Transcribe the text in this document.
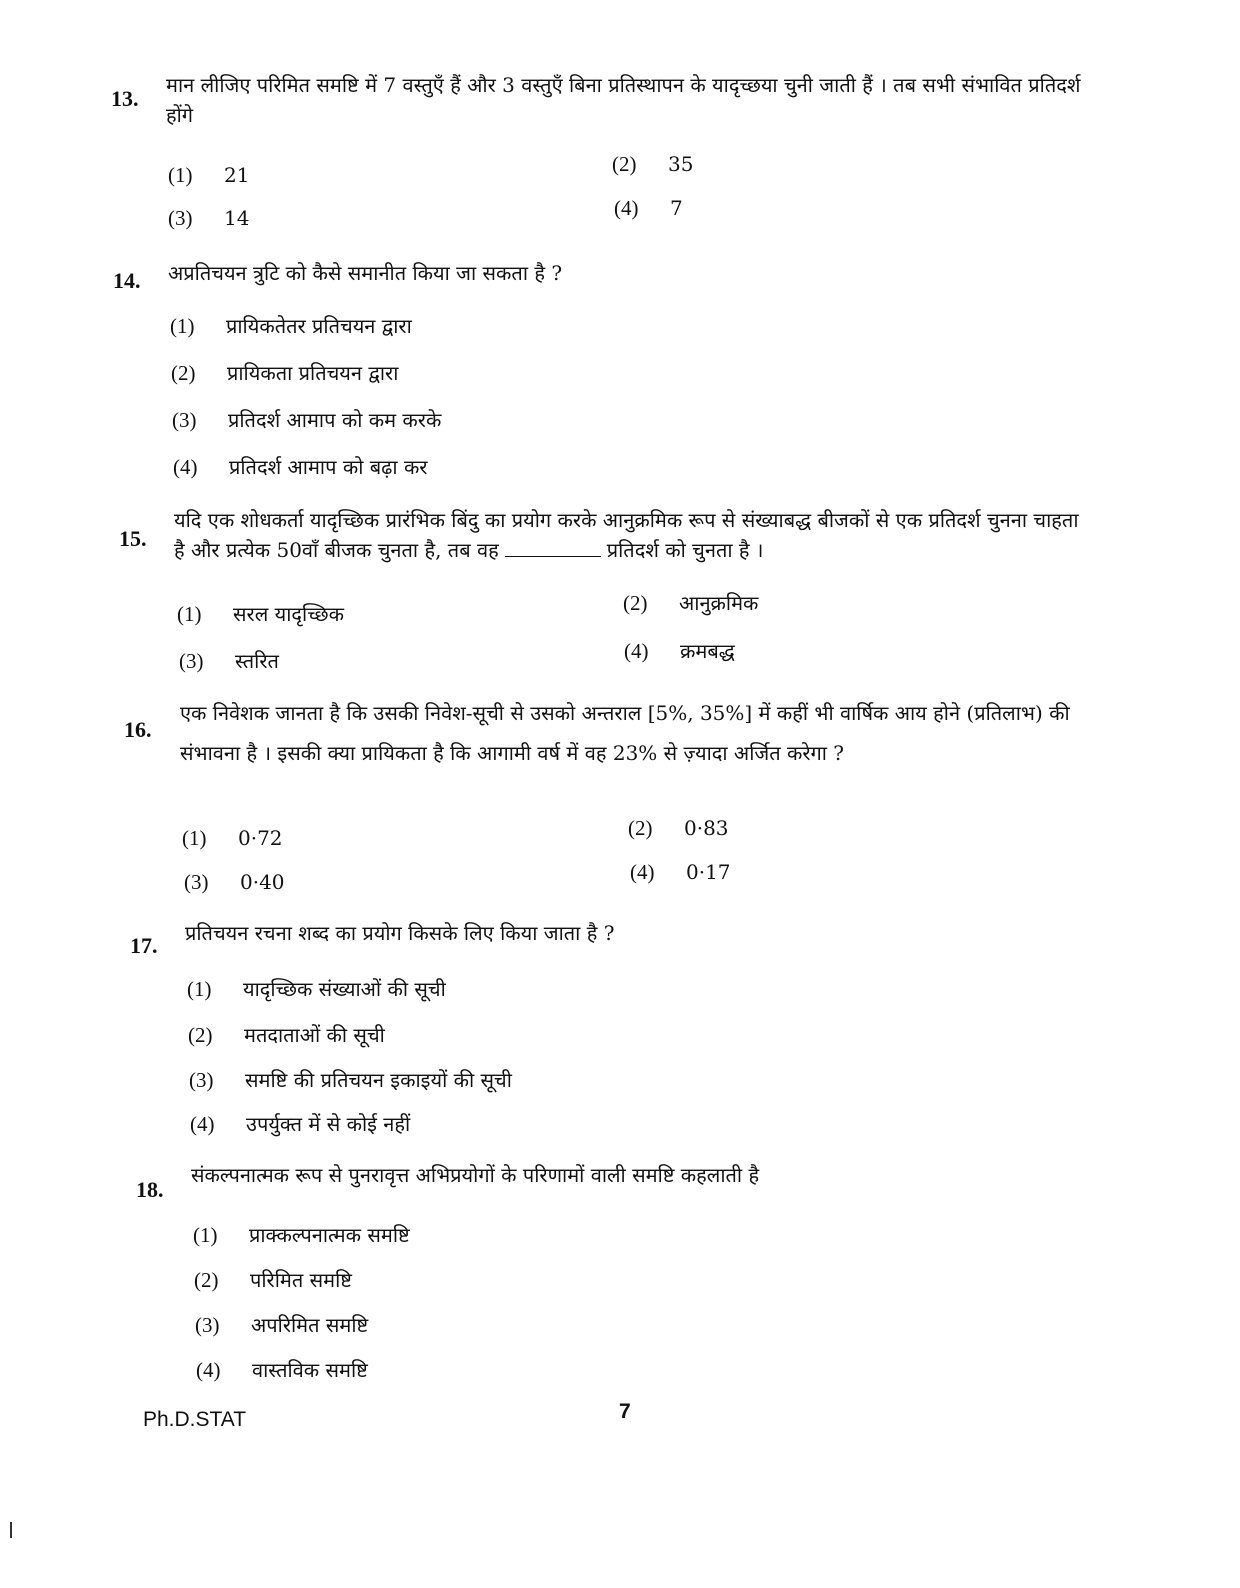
13.
मान लीजिए परिमित समष्टि में 7 वस्तुएँ हैं और 3 वस्तुएँ बिना प्रतिस्थापन के यादृच्छया चुनी जाती हैं । तब सभी संभावित प्रतिदर्श होंगे
(1) 21	(2) 35
(3) 14	(4) 7
14. अप्रतिचयन त्रुटि को कैसे समानीत किया जा सकता है ?
(1) प्रायिकतेतर प्रतिचयन द्वारा
(2) प्रायिकता प्रतिचयन द्वारा
(3) प्रतिदर्श आमाप को कम करके
(4) प्रतिदर्श आमाप को बढ़ा कर
15.
यदि एक शोधकर्ता यादृच्छिक प्रारंभिक बिंदु का प्रयोग करके आनुक्रमिक रूप से संख्याबद्ध बीजकों से एक प्रतिदर्श चुनना चाहता है और प्रत्येक 50वाँ बीजक चुनता है, तब वह	प्रतिदर्श को चुनता है ।
(1) सरल यादृच्छिक	(2) आनुक्रमिक
(3) स्तरित	(4) क्रमबद्ध
16.
एक निवेशक जानता है कि उसकी निवेश-सूची से उसको अन्तराल [5%, 35%] में कहीं भी वार्षिक आय होने (प्रतिलाभ) की संभावना है । इसकी क्या प्रायिकता है कि आगामी वर्ष में वह 23% से ज़्यादा अर्जित करेगा ?
(1) 0·72	(2) 0·83
(3) 0·40	(4) 0·17
17. प्रतिचयन रचना शब्द का प्रयोग किसके लिए किया जाता है ?
(1) यादृच्छिक संख्याओं की सूची
(2) मतदाताओं की सूची
(3) समष्टि की प्रतिचयन इकाइयों की सूची
(4) उपर्युक्त में से कोई नहीं
18.
संकल्पनात्मक रूप से पुनरावृत्त अभिप्रयोगों के परिणामों वाली समष्टि कहलाती है
(1) प्राक्कल्पनात्मक समष्टि
(2) परिमित समष्टि
(3) अपरिमित समष्टि
(4) वास्तविक समष्टि
Ph.D.STAT	7
